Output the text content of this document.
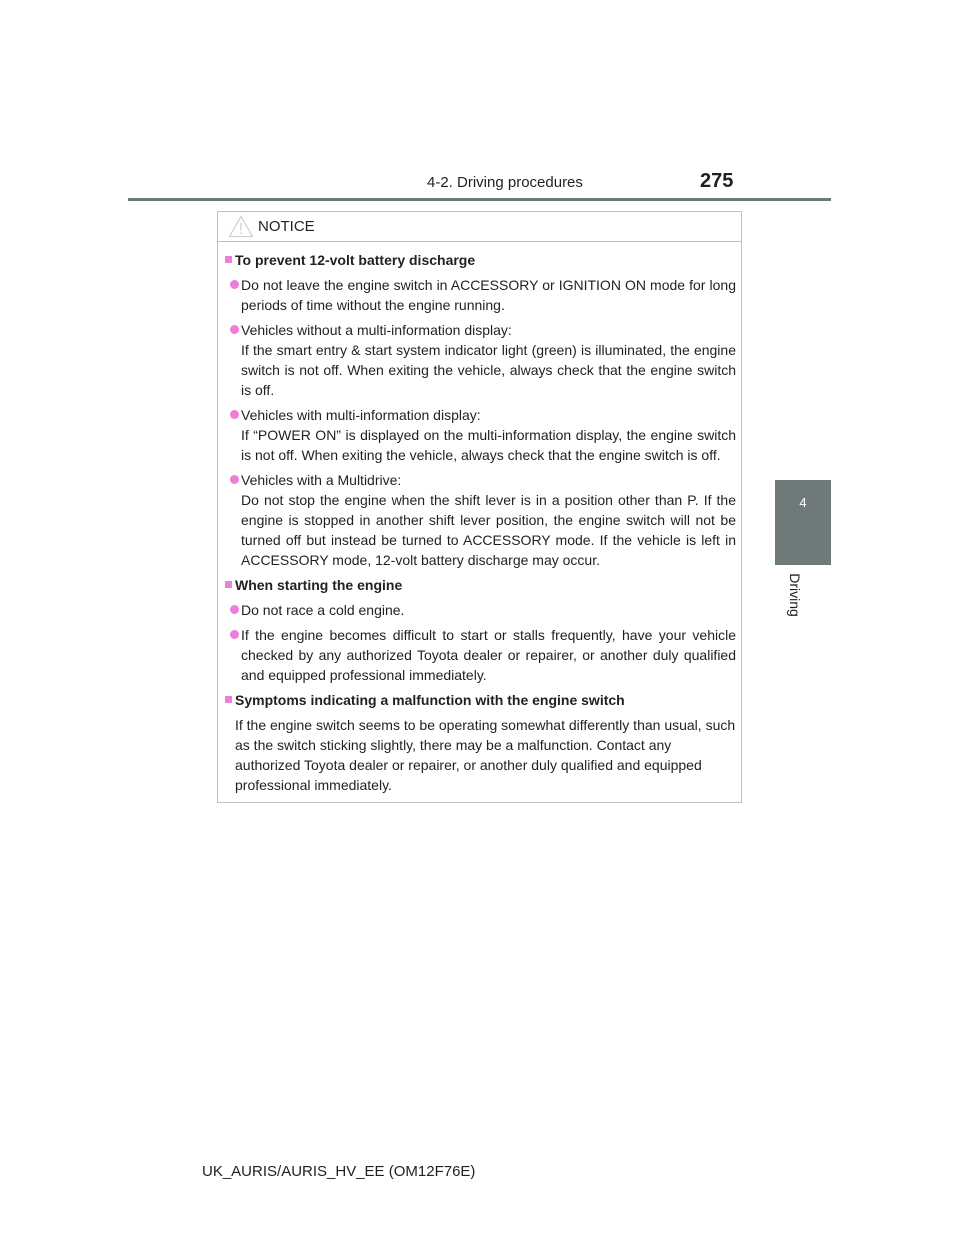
4-2. Driving procedures	275
4
Driving
NOTICE
To prevent 12-volt battery discharge

Do not leave the engine switch in ACCESSORY or IGNITION ON mode for long periods of time without the engine running.

Vehicles without a multi-information display:

If the smart entry & start system indicator light (green) is illuminated, the engine switch is not off. When exiting the vehicle, always check that the engine switch is off.

Vehicles with multi-information display:

If “POWER ON” is displayed on the multi-information display, the engine switch is not off. When exiting the vehicle, always check that the engine switch is off.

Vehicles with a Multidrive:

Do not stop the engine when the shift lever is in a position other than P. If the engine is stopped in another shift lever position, the engine switch will not be turned off but instead be turned to ACCESSORY mode. If the vehicle is left in ACCESSORY mode, 12-volt battery discharge may occur.

When starting the engine

Do not race a cold engine.

If the engine becomes difficult to start or stalls frequently, have your vehicle checked by any authorized Toyota dealer or repairer, or another duly qualified and equipped professional immediately.

Symptoms indicating a malfunction with the engine switch

If the engine switch seems to be operating somewhat differently than usual, such as the switch sticking slightly, there may be a malfunction. Contact any authorized Toyota dealer or repairer, or another duly qualified and equipped professional immediately.

UK_AURIS/AURIS_HV_EE (OM12F76E)
